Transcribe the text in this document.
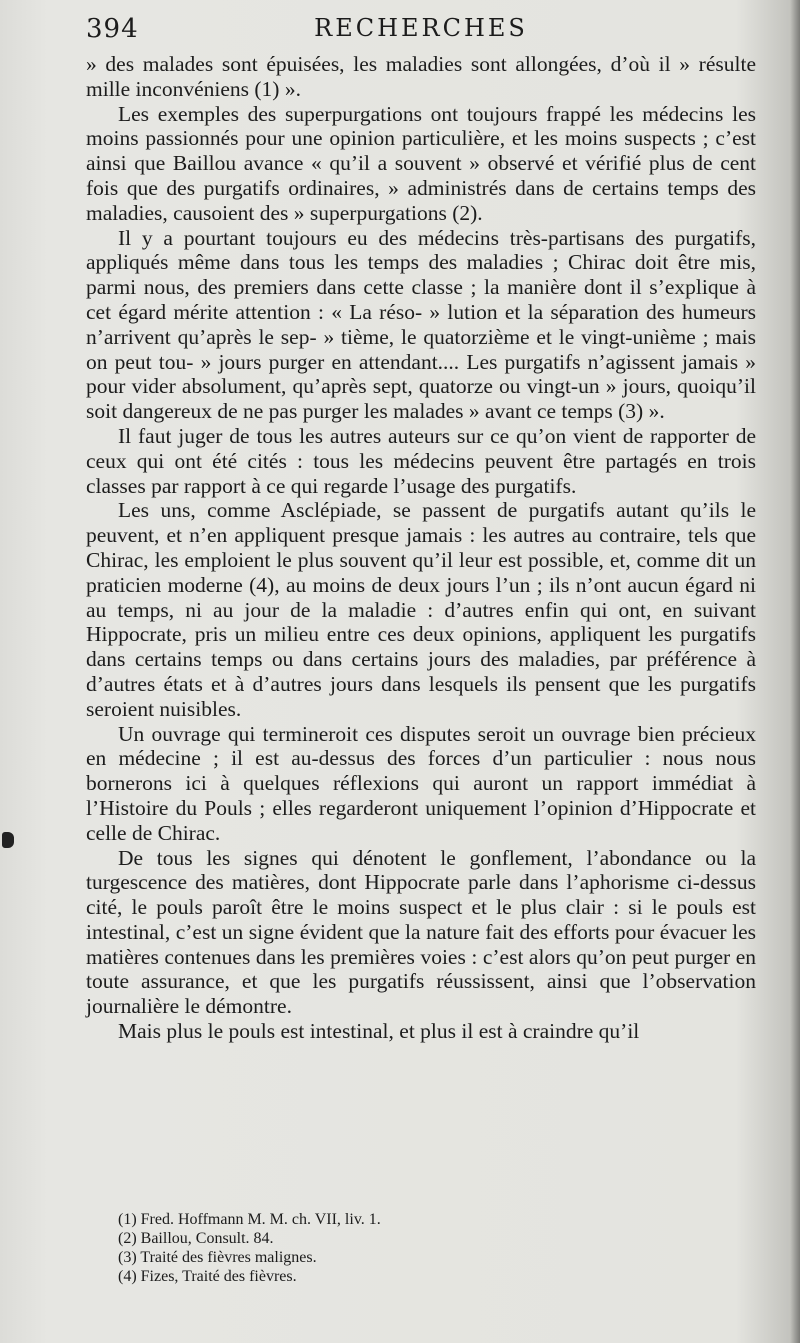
394	RECHERCHES

» des malades sont épuisées, les maladies sont allongées, d’où il » résulte mille inconvéniens (1) ».

Les exemples des superpurgations ont toujours frappé les médecins les moins passionnés pour une opinion particulière, et les moins suspects ; c’est ainsi que Baillou avance « qu’il a souvent » observé et vérifié plus de cent fois que des purgatifs ordinaires, » administrés dans de certains temps des maladies, causoient des » superpurgations (2).

Il y a pourtant toujours eu des médecins très-partisans des purgatifs, appliqués même dans tous les temps des maladies ; Chirac doit être mis, parmi nous, des premiers dans cette classe ; la manière dont il s’explique à cet égard mérite attention : « La réso- » lution et la séparation des humeurs n’arrivent qu’après le sep- » tième, le quatorzième et le vingt-unième ; mais on peut tou- » jours purger en attendant.... Les purgatifs n’agissent jamais » pour vider absolument, qu’après sept, quatorze ou vingt-un » jours, quoiqu’il soit dangereux de ne pas purger les malades » avant ce temps (3) ».

Il faut juger de tous les autres auteurs sur ce qu’on vient de rapporter de ceux qui ont été cités : tous les médecins peuvent être partagés en trois classes par rapport à ce qui regarde l’usage des purgatifs.

Les uns, comme Asclépiade, se passent de purgatifs autant qu’ils le peuvent, et n’en appliquent presque jamais : les autres au contraire, tels que Chirac, les emploient le plus souvent qu’il leur est possible, et, comme dit un praticien moderne (4), au moins de deux jours l’un ; ils n’ont aucun égard ni au temps, ni au jour de la maladie : d’autres enfin qui ont, en suivant Hippocrate, pris un milieu entre ces deux opinions, appliquent les purgatifs dans certains temps ou dans certains jours des maladies, par préférence à d’autres états et à d’autres jours dans lesquels ils pensent que les purgatifs seroient nuisibles.

Un ouvrage qui termineroit ces disputes seroit un ouvrage bien précieux en médecine ; il est au-dessus des forces d’un particulier : nous nous bornerons ici à quelques réflexions qui auront un rapport immédiat à l’Histoire du Pouls ; elles regarderont uniquement l’opinion d’Hippocrate et celle de Chirac.

De tous les signes qui dénotent le gonflement, l’abondance ou la turgescence des matières, dont Hippocrate parle dans l’aphorisme ci-dessus cité, le pouls paroît être le moins suspect et le plus clair : si le pouls est intestinal, c’est un signe évident que la nature fait des efforts pour évacuer les matières contenues dans les premières voies : c’est alors qu’on peut purger en toute assurance, et que les purgatifs réussissent, ainsi que l’observation journalière le démontre.

Mais plus le pouls est intestinal, et plus il est à craindre qu’il

(1) Fred. Hoffmann M. M. ch. VII, liv. 1.
(2) Baillou, Consult. 84.
(3) Traité des fièvres malignes.
(4) Fizes, Traité des fièvres.
